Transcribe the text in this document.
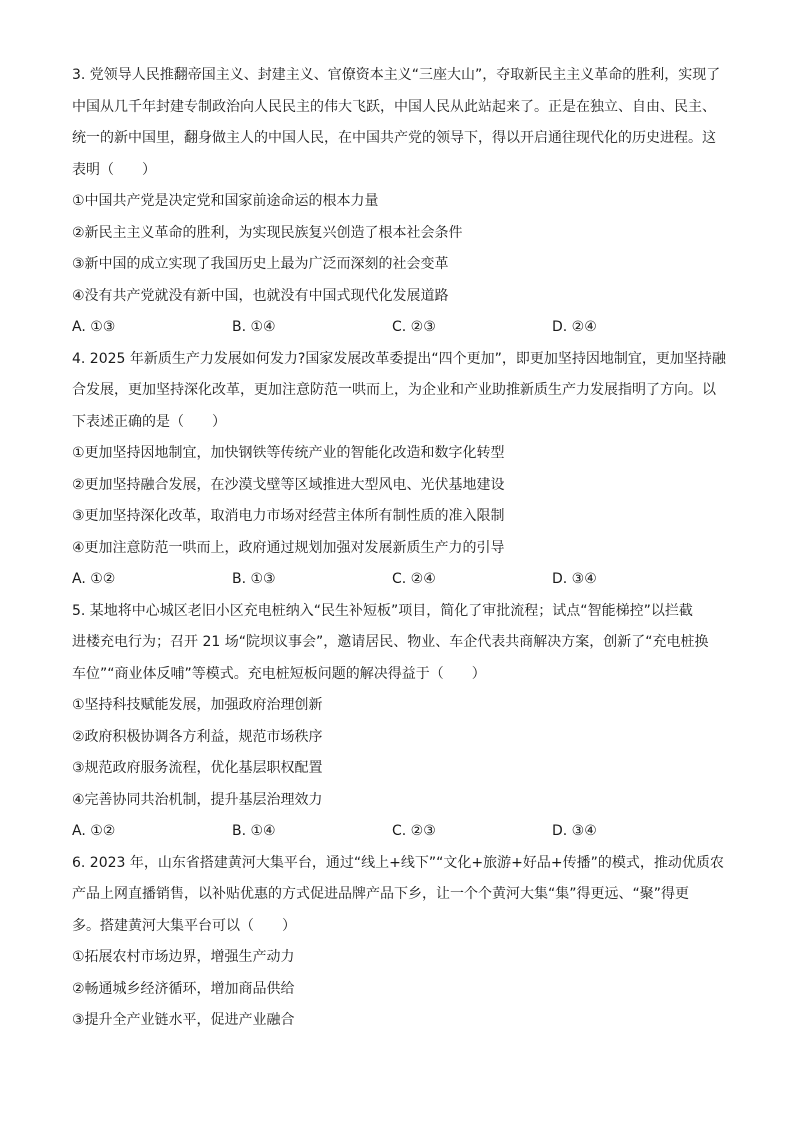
3. 党领导人民推翻帝国主义、封建主义、官僚资本主义“三座大山”，夺取新民主主义革命的胜利，实现了
中国从几千年封建专制政治向人民民主的伟大飞跃，中国人民从此站起来了。正是在独立、自由、民主、
统一的新中国里，翻身做主人的中国人民，在中国共产党的领导下，得以开启通往现代化的历史进程。这
表明（　　）
①中国共产党是决定党和国家前途命运的根本力量
②新民主主义革命的胜利，为实现民族复兴创造了根本社会条件
③新中国的成立实现了我国历史上最为广泛而深刻的社会变革
④没有共产党就没有新中国，也就没有中国式现代化发展道路
A. ①③	B. ①④	C. ②③	D. ②④
4. 2025 年新质生产力发展如何发力?国家发展改革委提出“四个更加”，即更加坚持因地制宜，更加坚持融
合发展，更加坚持深化改革，更加注意防范一哄而上，为企业和产业助推新质生产力发展指明了方向。以
下表述正确的是（　　）
①更加坚持因地制宜，加快钢铁等传统产业的智能化改造和数字化转型
②更加坚持融合发展，在沙漠戈壁等区域推进大型风电、光伏基地建设
③更加坚持深化改革，取消电力市场对经营主体所有制性质的准入限制
④更加注意防范一哄而上，政府通过规划加强对发展新质生产力的引导
A. ①②	B. ①③	C. ②④	D. ③④
5. 某地将中心城区老旧小区充电桩纳入“民生补短板”项目，简化了审批流程；试点“智能梯控”以拦截
进楼充电行为；召开 21 场“院坝议事会”，邀请居民、物业、车企代表共商解决方案，创新了“充电桩换
车位”“商业体反哺”等模式。充电桩短板问题的解决得益于（　　）
①坚持科技赋能发展，加强政府治理创新
②政府积极协调各方利益，规范市场秩序
③规范政府服务流程，优化基层职权配置
④完善协同共治机制，提升基层治理效力
A. ①②	B. ①④	C. ②③	D. ③④
6. 2023 年，山东省搭建黄河大集平台，通过“线上+线下”“文化+旅游+好品+传播”的模式，推动优质农
产品上网直播销售，以补贴优惠的方式促进品牌产品下乡，让一个个黄河大集“集”得更远、“聚”得更
多。搭建黄河大集平台可以（　　）
①拓展农村市场边界，增强生产动力
②畅通城乡经济循环，增加商品供给
③提升全产业链水平，促进产业融合
